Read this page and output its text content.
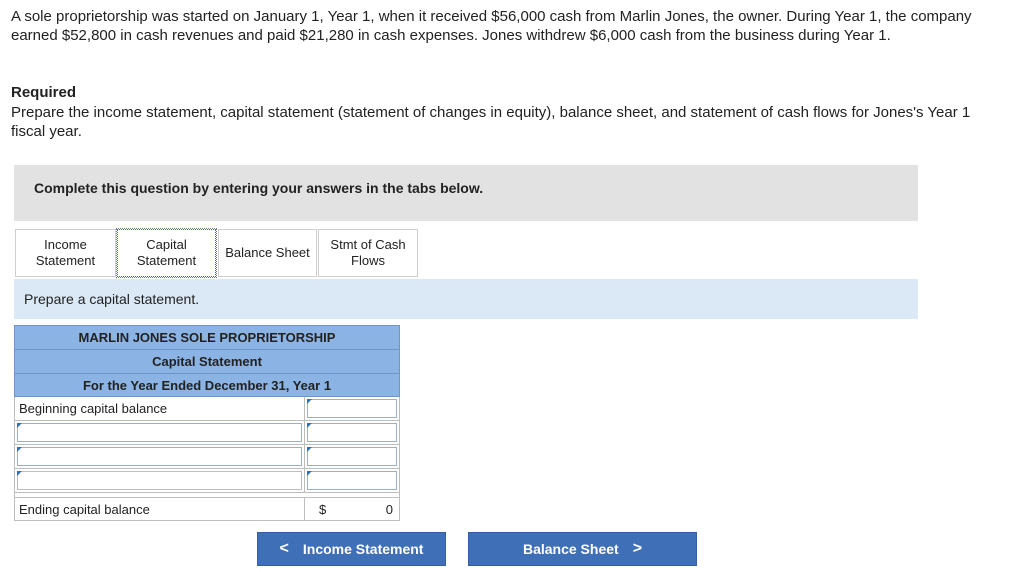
A sole proprietorship was started on January 1, Year 1, when it received $56,000 cash from Marlin Jones, the owner. During Year 1, the company earned $52,800 in cash revenues and paid $21,280 in cash expenses. Jones withdrew $6,000 cash from the business during Year 1.
Required
Prepare the income statement, capital statement (statement of changes in equity), balance sheet, and statement of cash flows for Jones's Year 1 fiscal year.
Complete this question by entering your answers in the tabs below.
Income
Statement
Capital
Statement
Balance Sheet
Stmt of Cash
Flows
Prepare a capital statement.
MARLIN JONES SOLE PROPRIETORSHIP
Capital Statement
For the Year Ended December 31, Year 1
Beginning capital balance
Ending capital balance	$	0
< Income Statement	Balance Sheet >
